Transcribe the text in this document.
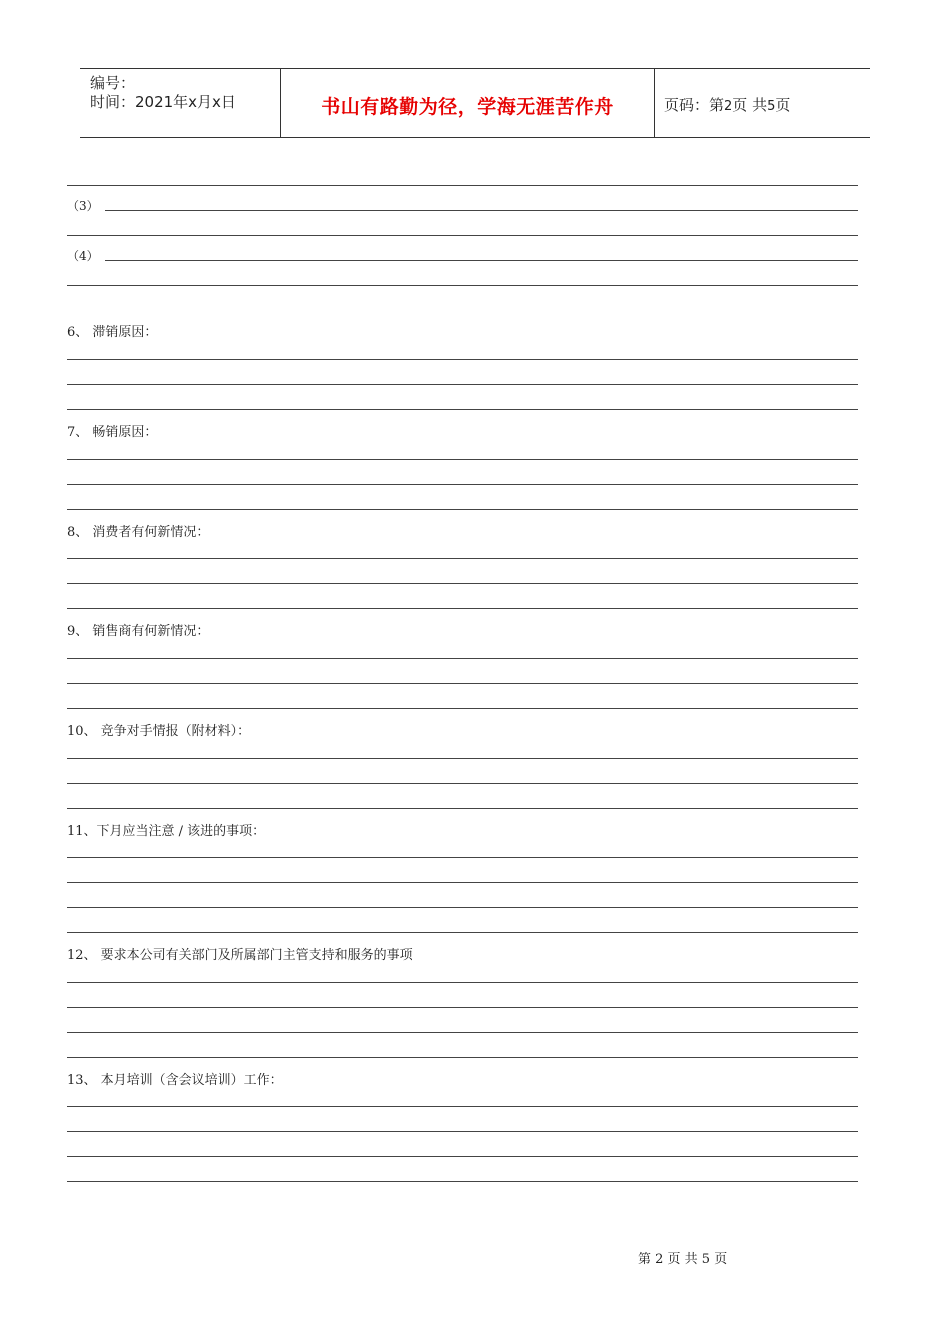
编号：
时间：2021年x月x日	书山有路勤为径，学海无涯苦作舟	页码：第2页 共5页
（3）
（4）
6、 滞销原因：
7、 畅销原因：
8、 消费者有何新情况：
9、 销售商有何新情况：
10、 竞争对手情报（附材料）：
11、下月应当注意 / 该进的事项：
12、 要求本公司有关部门及所属部门主管支持和服务的事项
13、 本月培训（含会议培训）工作：
第 2 页 共 5 页
